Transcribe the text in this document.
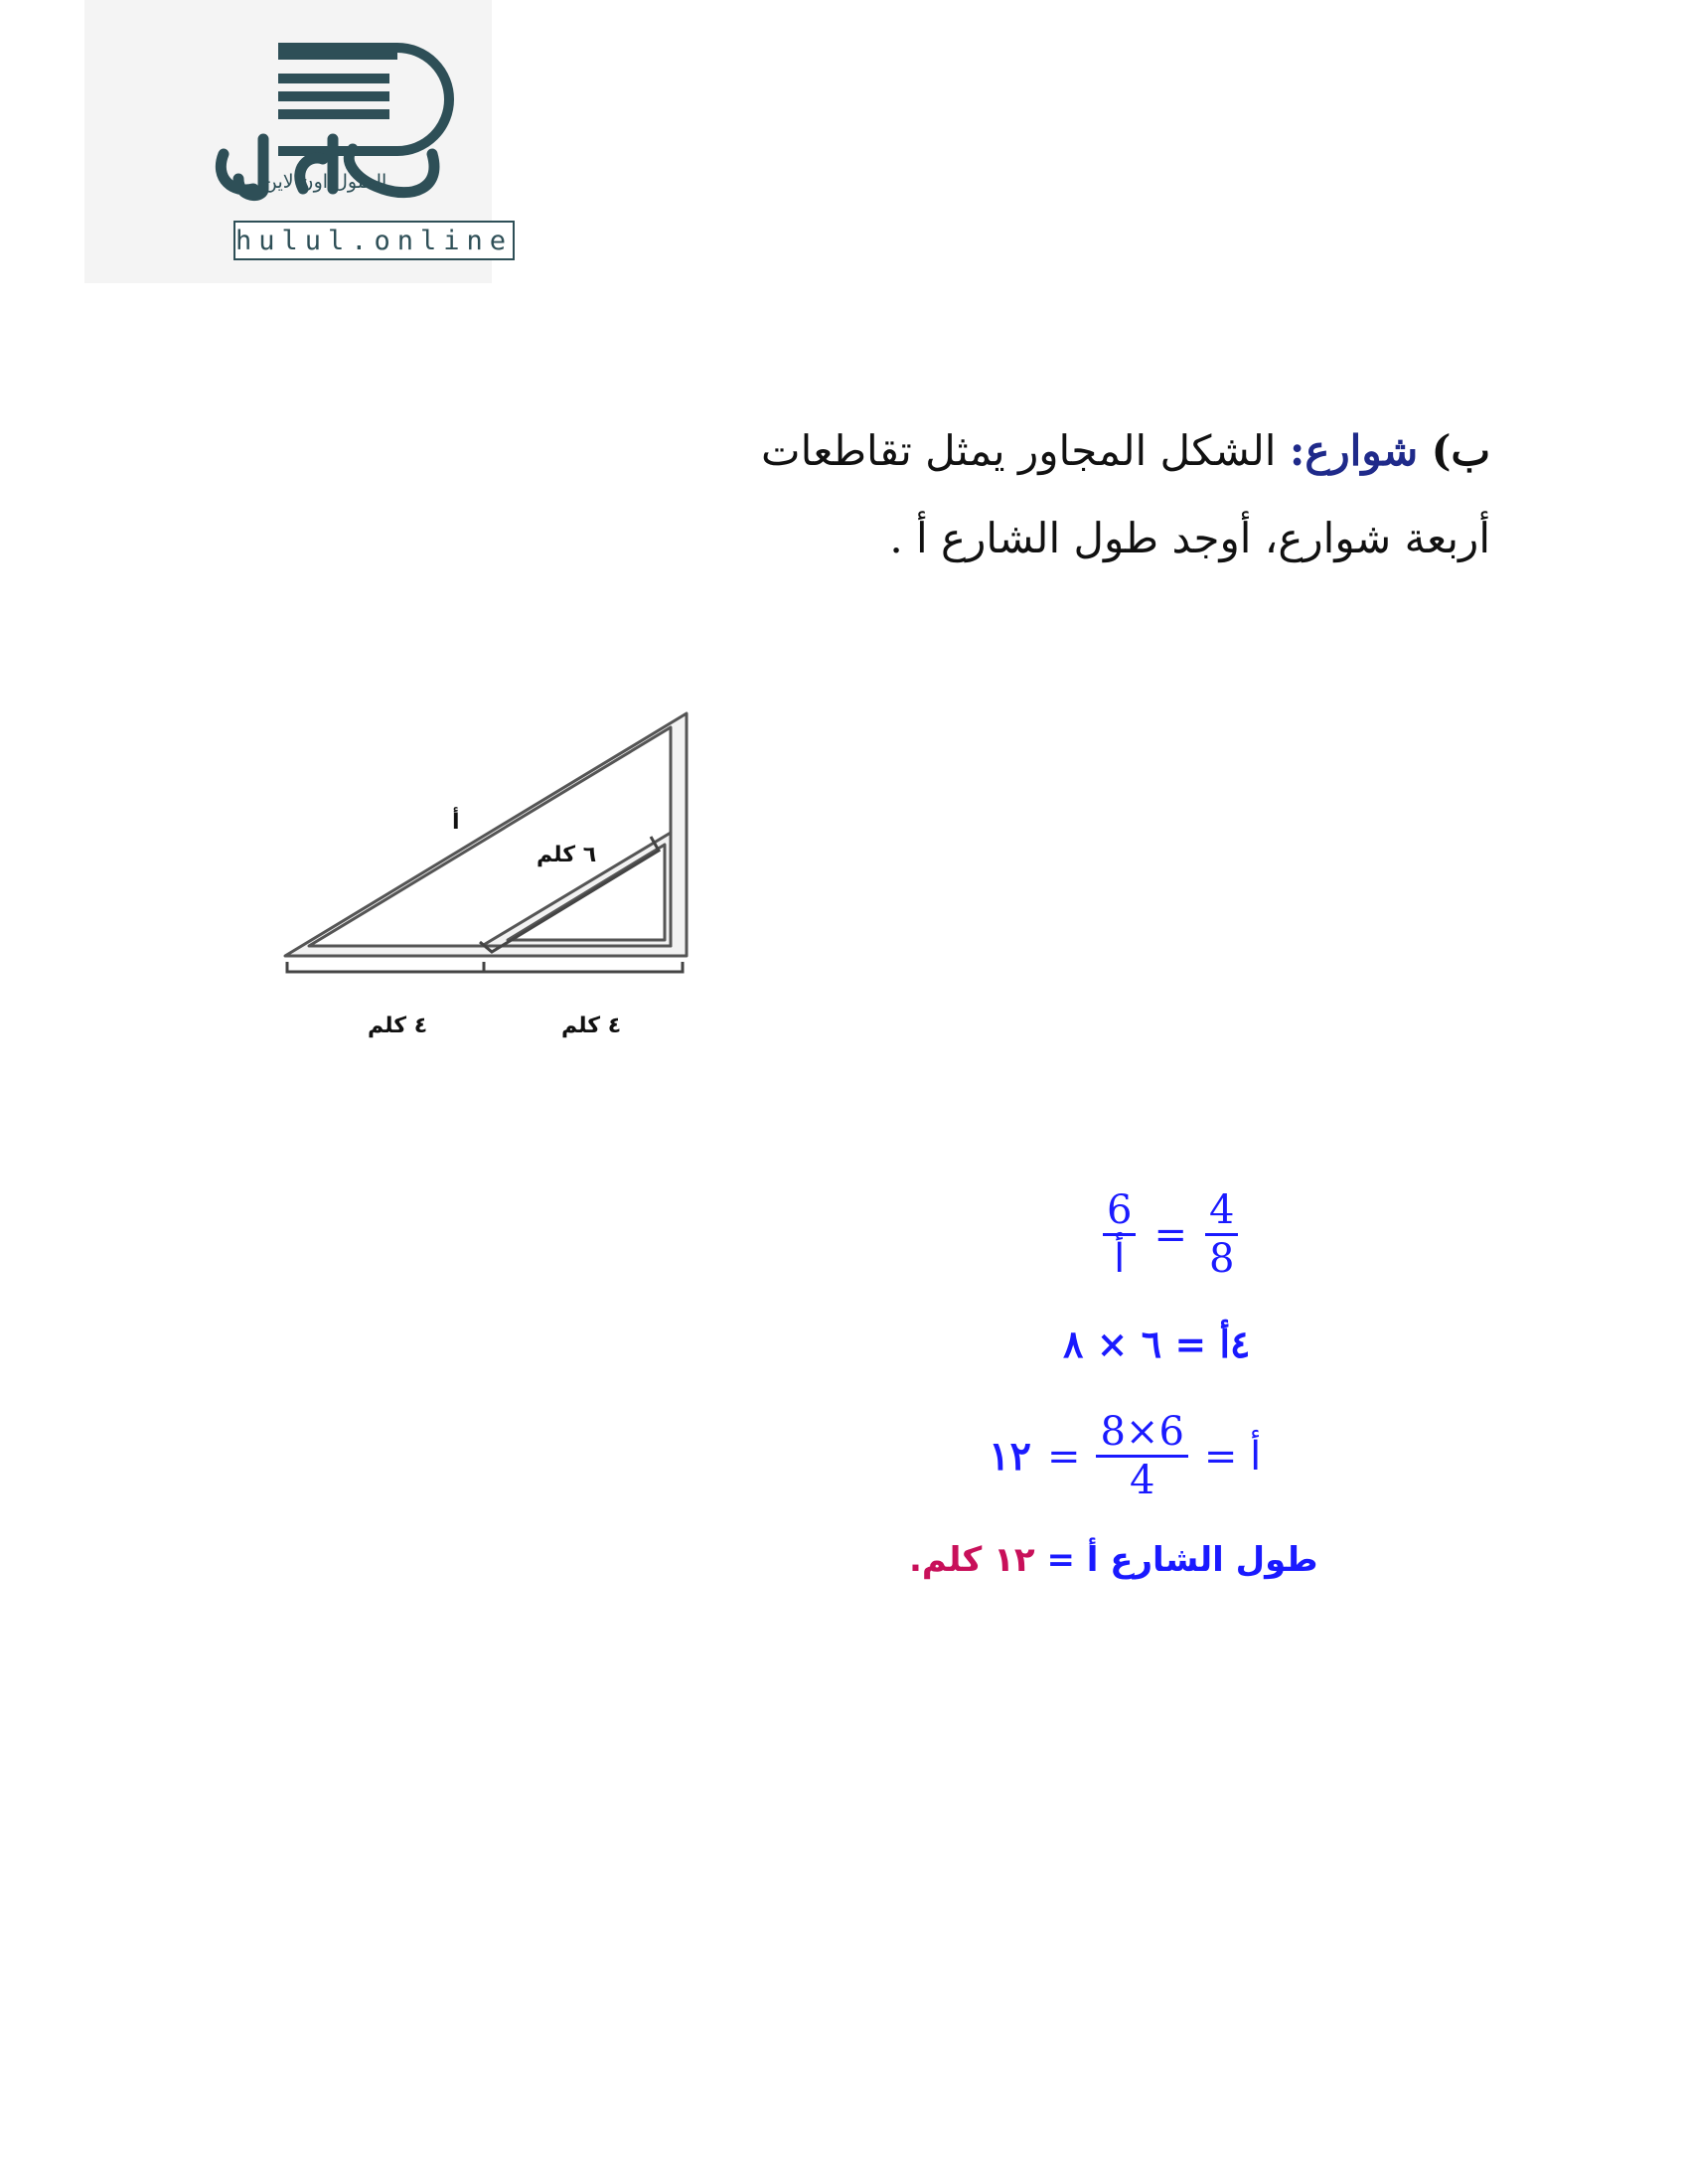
الحلول اون لاين
hulul.online
ب) شوارع: الشكل المجاور يمثل تقاطعات
أربعة شوارع، أوجد طول الشارع أ .
أ
٦ كلم
٤ كلم	٤ كلم
$\frac{6}{\text{أ}} = \frac{4}{8}$
٤أ = ٦ × ٨
١٢ = $\frac{8\times 6}{4}$ أ =
طول الشارع أ = ١٢ كلم.
